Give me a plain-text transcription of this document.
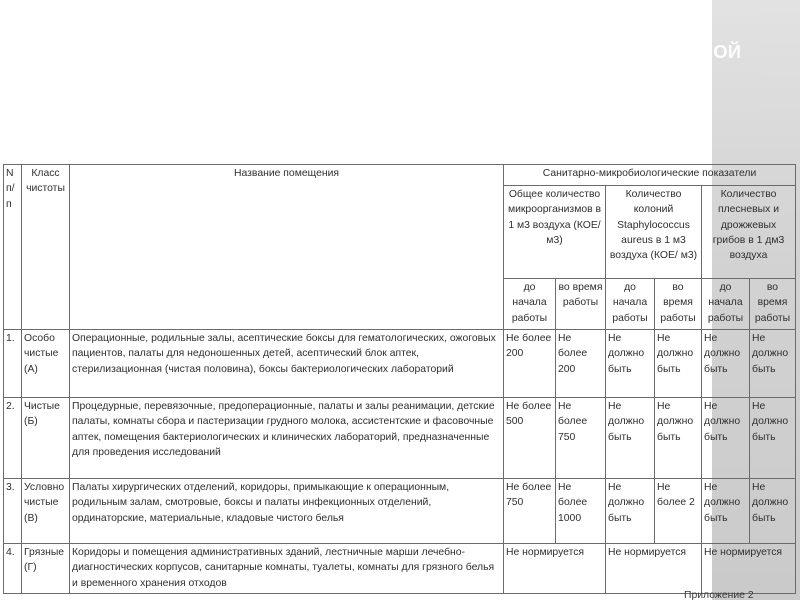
ДОПУСТИМЫЕ УРОВНИ БАКТЕРИАЛЬНОЙ ОБСЕМЕНЕННОСТИ ВОЗДУШНОЙ СРЕДЫ ПОМЕЩЕНИЙ ЛЕЧЕБНЫХ УЧРЕЖДЕНИЙ В ЗАВИСИМОСТИ ОТ ИХ ФУНКЦИОНАЛЬНОГО НАЗНАЧЕНИЯ И КЛАССА ЧИСТОТЫ
N п/п	Класс чистоты	Название помещения	Санитарно-микробиологические показатели					
			Общее количество микроорганизмов в 1 м3 воздуха (КОЕ/м3)		Количество колоний Staphylococcus aureus в 1 м3 воздуха (КОЕ/ м3)		Количество плесневых и дрожжевых грибов в 1 дм3 воздуха	
			до начала работы	во время работы	до начала работы	во время работы	до начала работы	во время работы
1.	Особо чистые (А)	Операционные, родильные залы, асептические боксы для гематологических, ожоговых пациентов, палаты для недоношенных детей, асептический блок аптек, стерилизационная (чистая половина), боксы бактериологических лабораторий	Не более 200	Не более 200	Не должно быть	Не должно быть	Не должно быть	Не должно быть
2.	Чистые (Б)	Процедурные, перевязочные, предоперационные, палаты и залы реанимации, детские палаты, комнаты сбора и пастеризации грудного молока, ассистентские и фасовочные аптек, помещения бактериологических и клинических лабораторий, предназначенные для проведения исследований	Не более 500	Не более 750	Не должно быть	Не должно быть	Не должно быть	Не должно быть
3.	Условно чистые (В)	Палаты хирургических отделений, коридоры, примыкающие к операционным, родильным залам, смотровые, боксы и палаты инфекционных отделений, ординаторские, материальные, кладовые чистого белья	Не более 750	Не более 1000	Не должно быть	Не более 2	Не должно быть	Не должно быть
4.	Грязные (Г)	Коридоры и помещения административных зданий, лестничные марши лечебно-диагностических корпусов, санитарные комнаты, туалеты, комнаты для грязного белья и временного хранения отходов	Не нормируется		Не нормируется		Не нормируется	
Приложение 2
